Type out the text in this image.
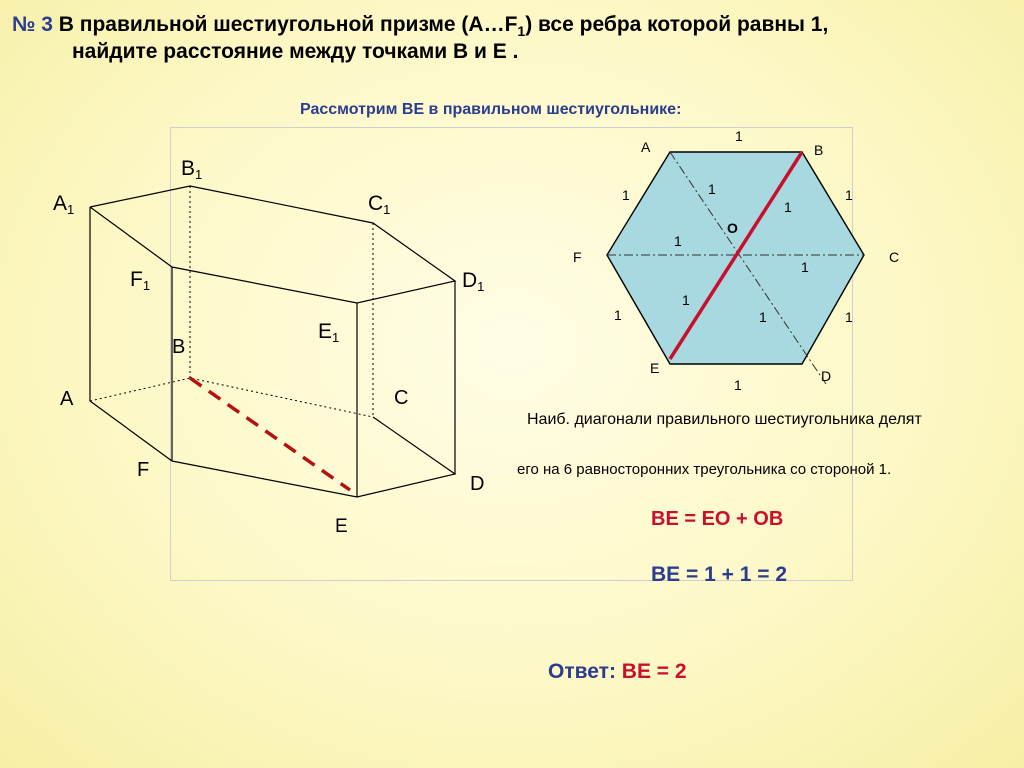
№ 3 В правильной шестиугольной призме $(A\dots F_1)$ все ребра которой равны 1,
найдите расстояние между точками B и E .
Рассмотрим BE в правильном шестиугольнике:
A1
B1
C1
D1
E1
F1
A
B
C
D
E
F
A	B
C
D
E
F
O
1
1	1
1
1
1
1
1
1
1	1
1
Наиб. диагонали правильного шестиугольника делят
его на 6 равносторонних треугольника со стороной 1.
BE = EO + OB
BE = 1 + 1 = 2
Ответ: BE = 2
